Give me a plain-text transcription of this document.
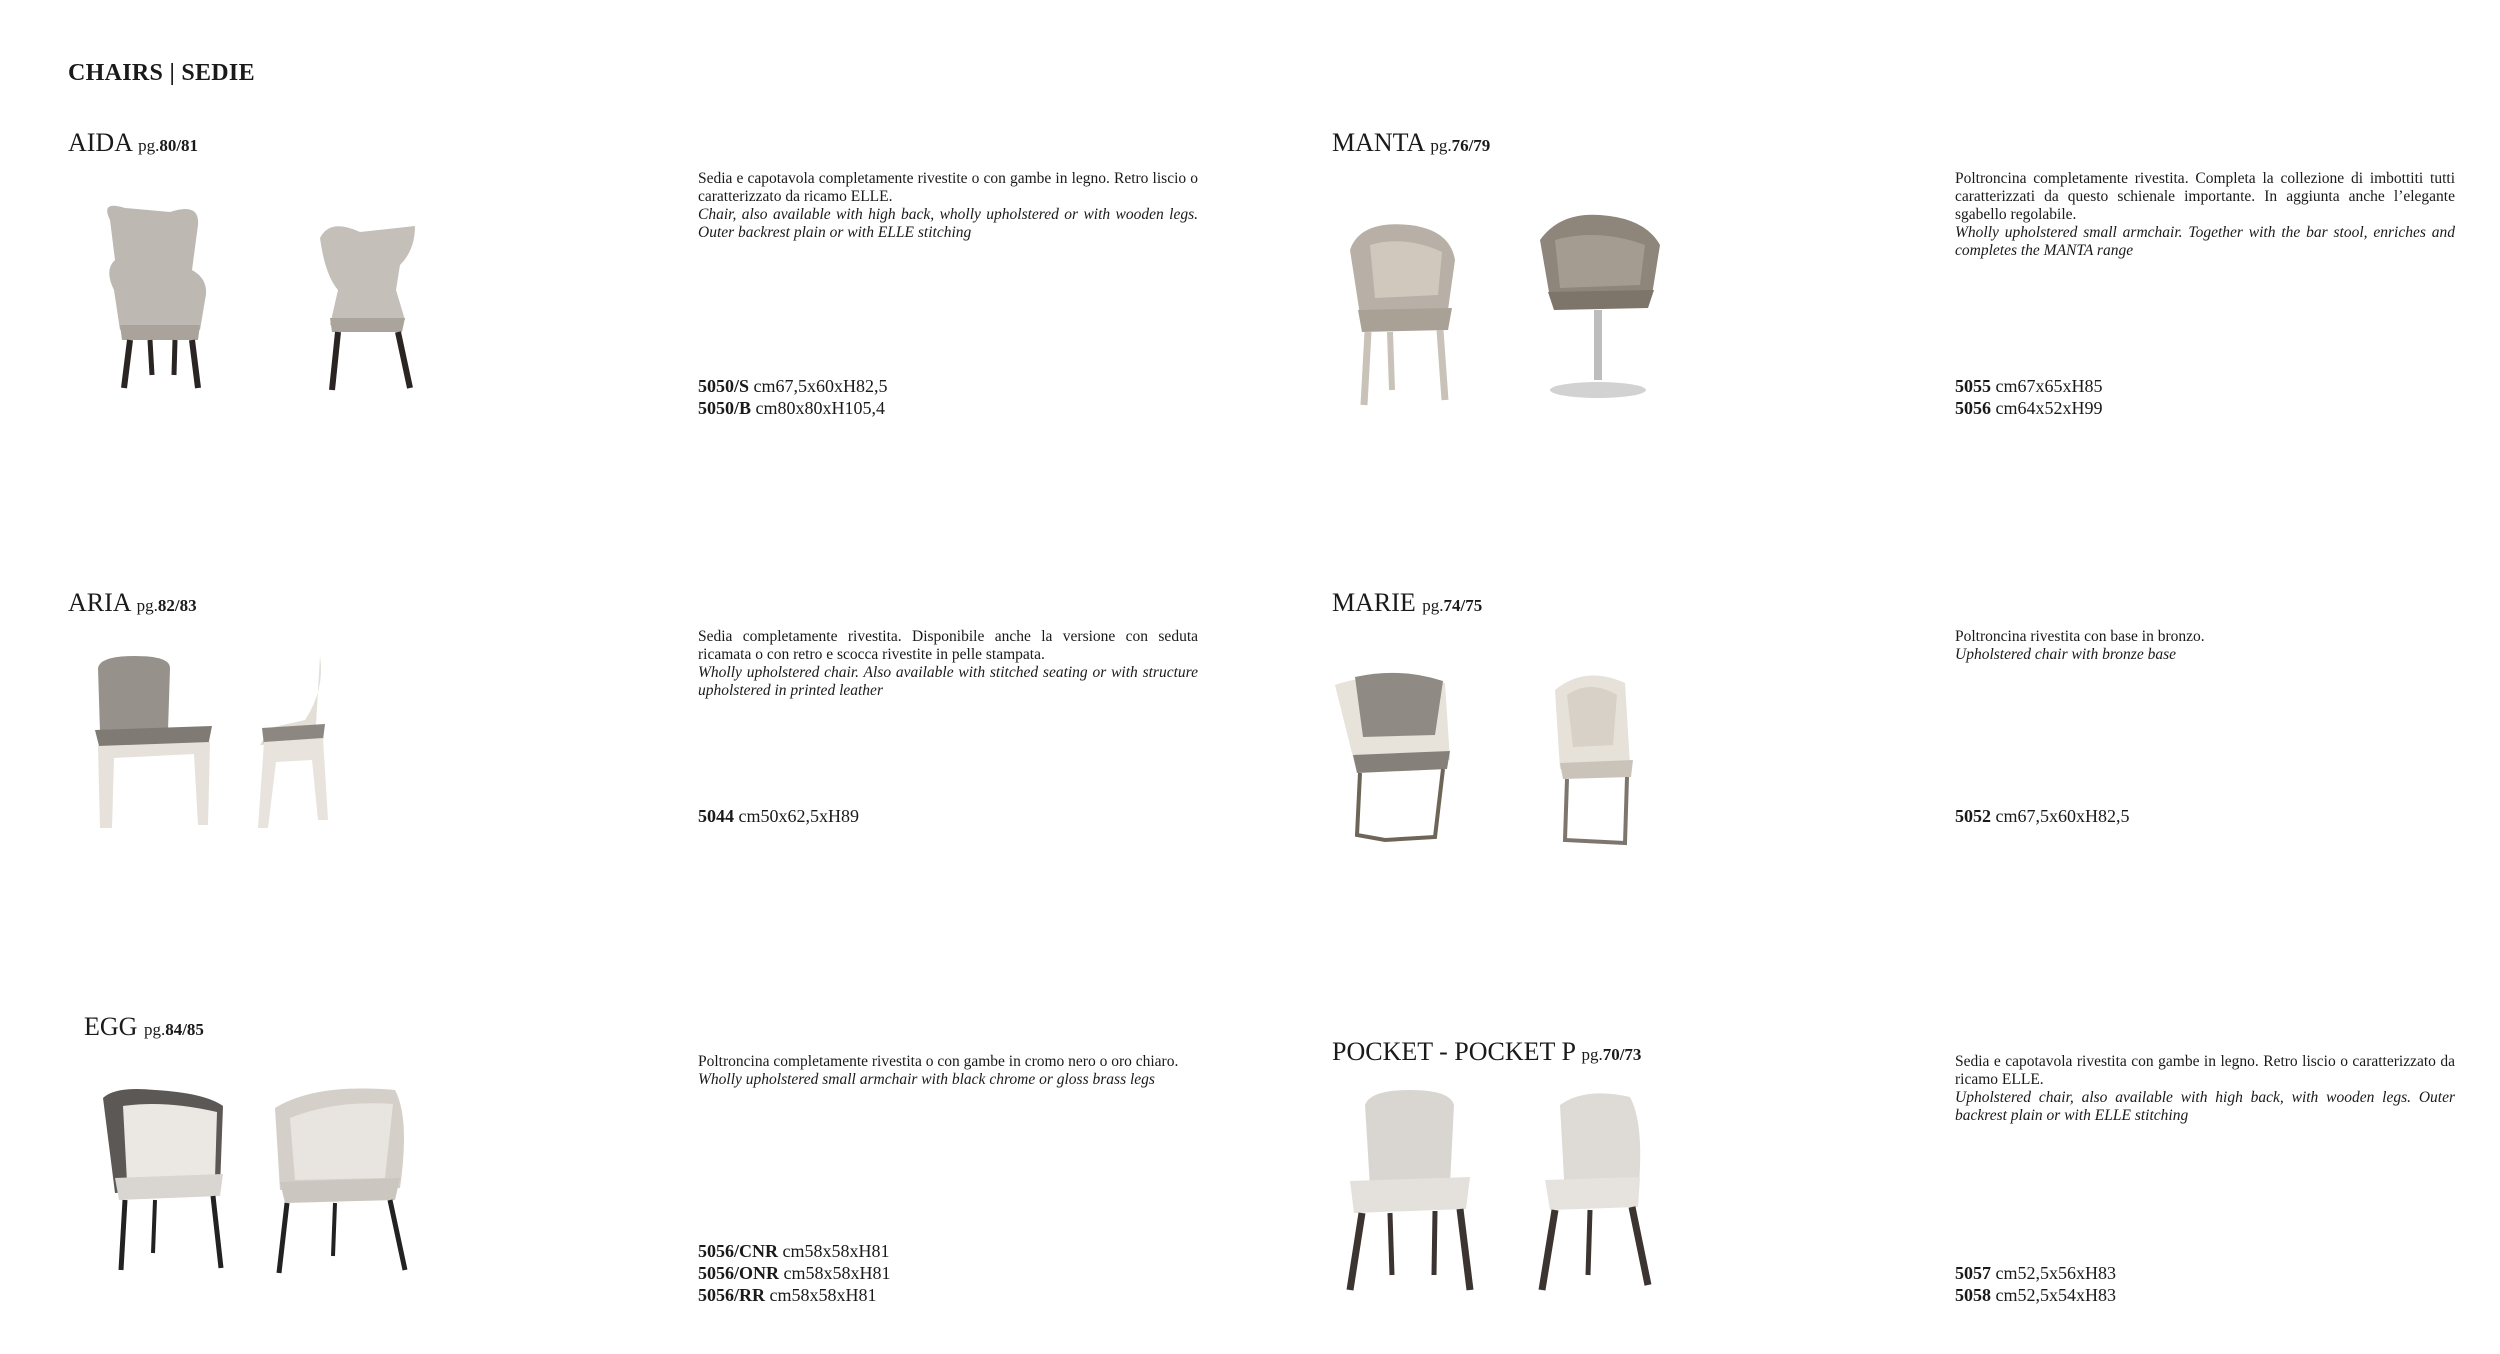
CHAIRS | SEDIE
AIDA pg.80/81
Sedia e capotavola completamente rivestite o con gambe in legno. Retro liscio o caratterizzato da ricamo ELLE.
Chair, also available with high back, wholly upholstered or with wooden legs. Outer backrest plain or with ELLE stitching
5050/S cm67,5x60xH82,5
5050/B cm80x80xH105,4
MANTA pg.76/79
Poltroncina completamente rivestita. Completa la collezione di imbottiti tutti caratterizzati da questo schienale importante. In aggiunta anche l’elegante sgabello regolabile.
Wholly upholstered small armchair. Together with the bar stool, enriches and completes the MANTA range
5055 cm67x65xH85
5056 cm64x52xH99
ARIA pg.82/83
Sedia completamente rivestita. Disponibile anche la versione con seduta ricamata o con retro e scocca rivestite in pelle stampata.
Wholly upholstered chair. Also available with stitched seating or with structure upholstered in printed leather
5044 cm50x62,5xH89
MARIE pg.74/75
Poltroncina rivestita con base in bronzo.
Upholstered chair with bronze base
5052 cm67,5x60xH82,5
EGG pg.84/85
Poltroncina completamente rivestita o con gambe in cromo nero o oro chiaro.
Wholly upholstered small armchair with black chrome or gloss brass legs
5056/CNR cm58x58xH81
5056/ONR cm58x58xH81
5056/RR cm58x58xH81
POCKET - POCKET P pg.70/73	Sedia e capotavola rivestita con gambe in legno. Retro liscio o caratterizzato da ricamo ELLE.
Upholstered chair, also available with high back, with wooden legs. Outer backrest plain or with ELLE stitching
5057 cm52,5x56xH83
5058 cm52,5x54xH83
